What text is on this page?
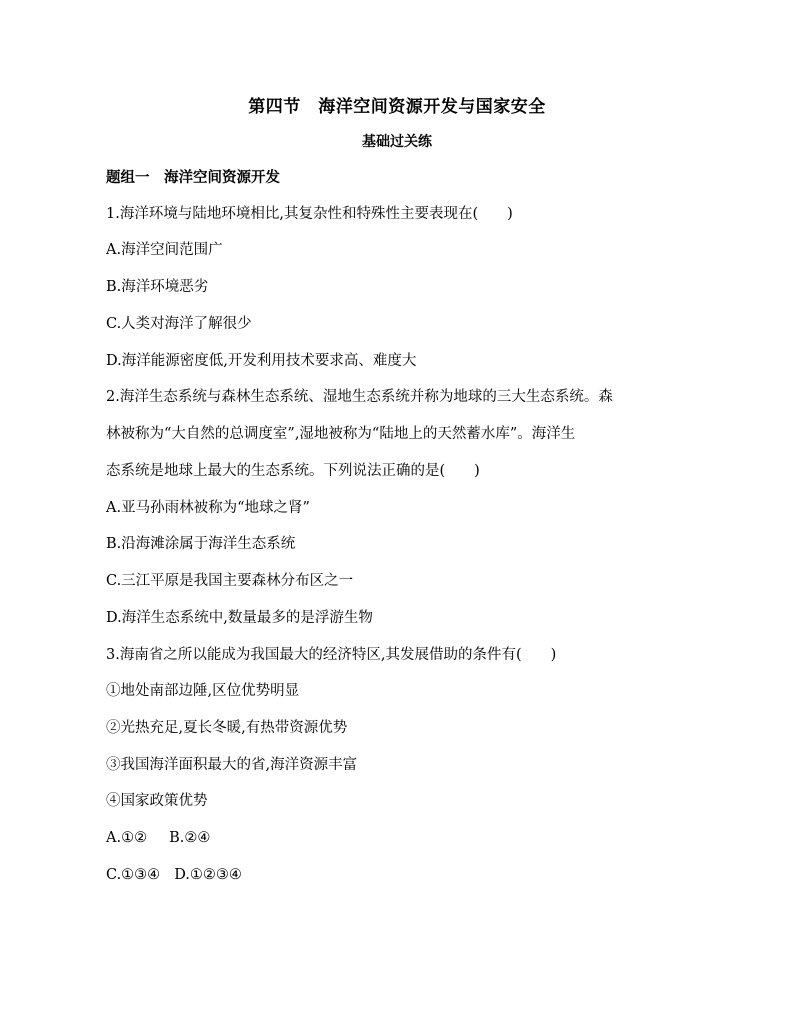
第四节　海洋空间资源开发与国家安全
基础过关练
题组一　海洋空间资源开发
1.海洋环境与陆地环境相比,其复杂性和特殊性主要表现在(　　)
A.海洋空间范围广
B.海洋环境恶劣
C.人类对海洋了解很少
D.海洋能源密度低,开发利用技术要求高、难度大
2.海洋生态系统与森林生态系统、湿地生态系统并称为地球的三大生态系统。森
林被称为“大自然的总调度室”,湿地被称为“陆地上的天然蓄水库”。海洋生
态系统是地球上最大的生态系统。下列说法正确的是(　　)
A.亚马孙雨林被称为“地球之肾”
B.沿海滩涂属于海洋生态系统
C.三江平原是我国主要森林分布区之一
D.海洋生态系统中,数量最多的是浮游生物
3.海南省之所以能成为我国最大的经济特区,其发展借助的条件有(　　)
①地处南部边陲,区位优势明显
②光热充足,夏长冬暖,有热带资源优势
③我国海洋面积最大的省,海洋资源丰富
④国家政策优势
A.①② B.②④
C.①③④ D.①②③④
